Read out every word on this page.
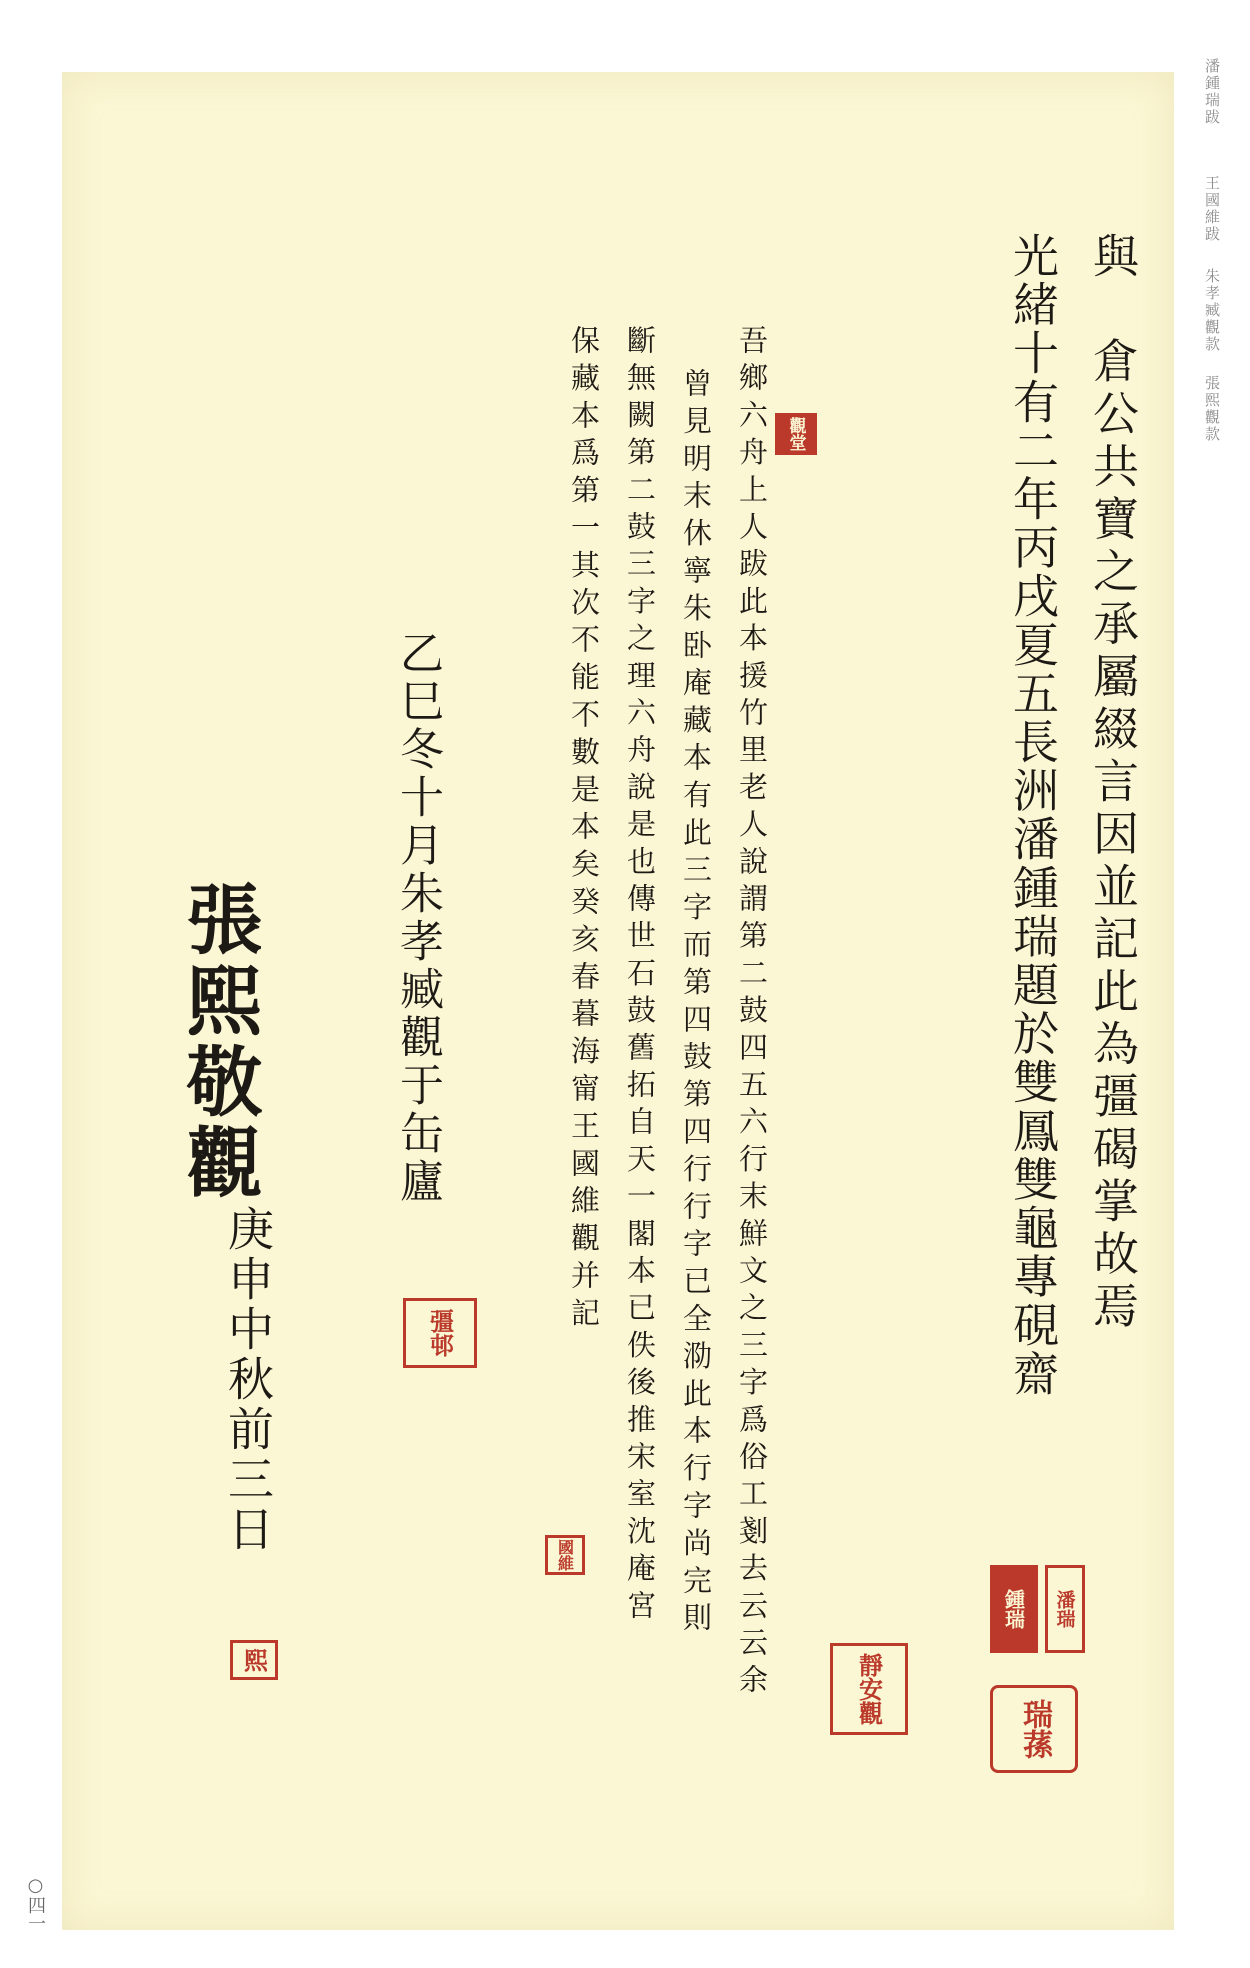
潘鍾瑞跋
王國維跋
朱孝臧觀款
張熙觀款
○四一
與　倉公共寶之承屬綴言因並記此為彊碣掌故焉
光緒十有二年丙戌夏五長洲潘鍾瑞題於雙鳳雙龜專硯齋
吾鄉六舟上人跋此本援竹里老人說謂第二鼓四五六行末鮮文之三字爲俗工剗去云云余
曾見明末休寧朱卧庵藏本有此三字而第四鼓第四行行字已全泐此本行字尚完則
斷無闕第二鼓三字之理六舟說是也傳世石鼓舊拓自天一閣本已佚後推宋室沈庵宮
保藏本爲第一其次不能不數是本矣癸亥春暮海甯王國維觀并記
乙巳冬十月朱孝臧觀于缶廬
張熙敬觀
庚申中秋前三日
潘瑞
鍾瑞
瑞蓀
觀堂
國維
靜安觀
彊邨
熙
